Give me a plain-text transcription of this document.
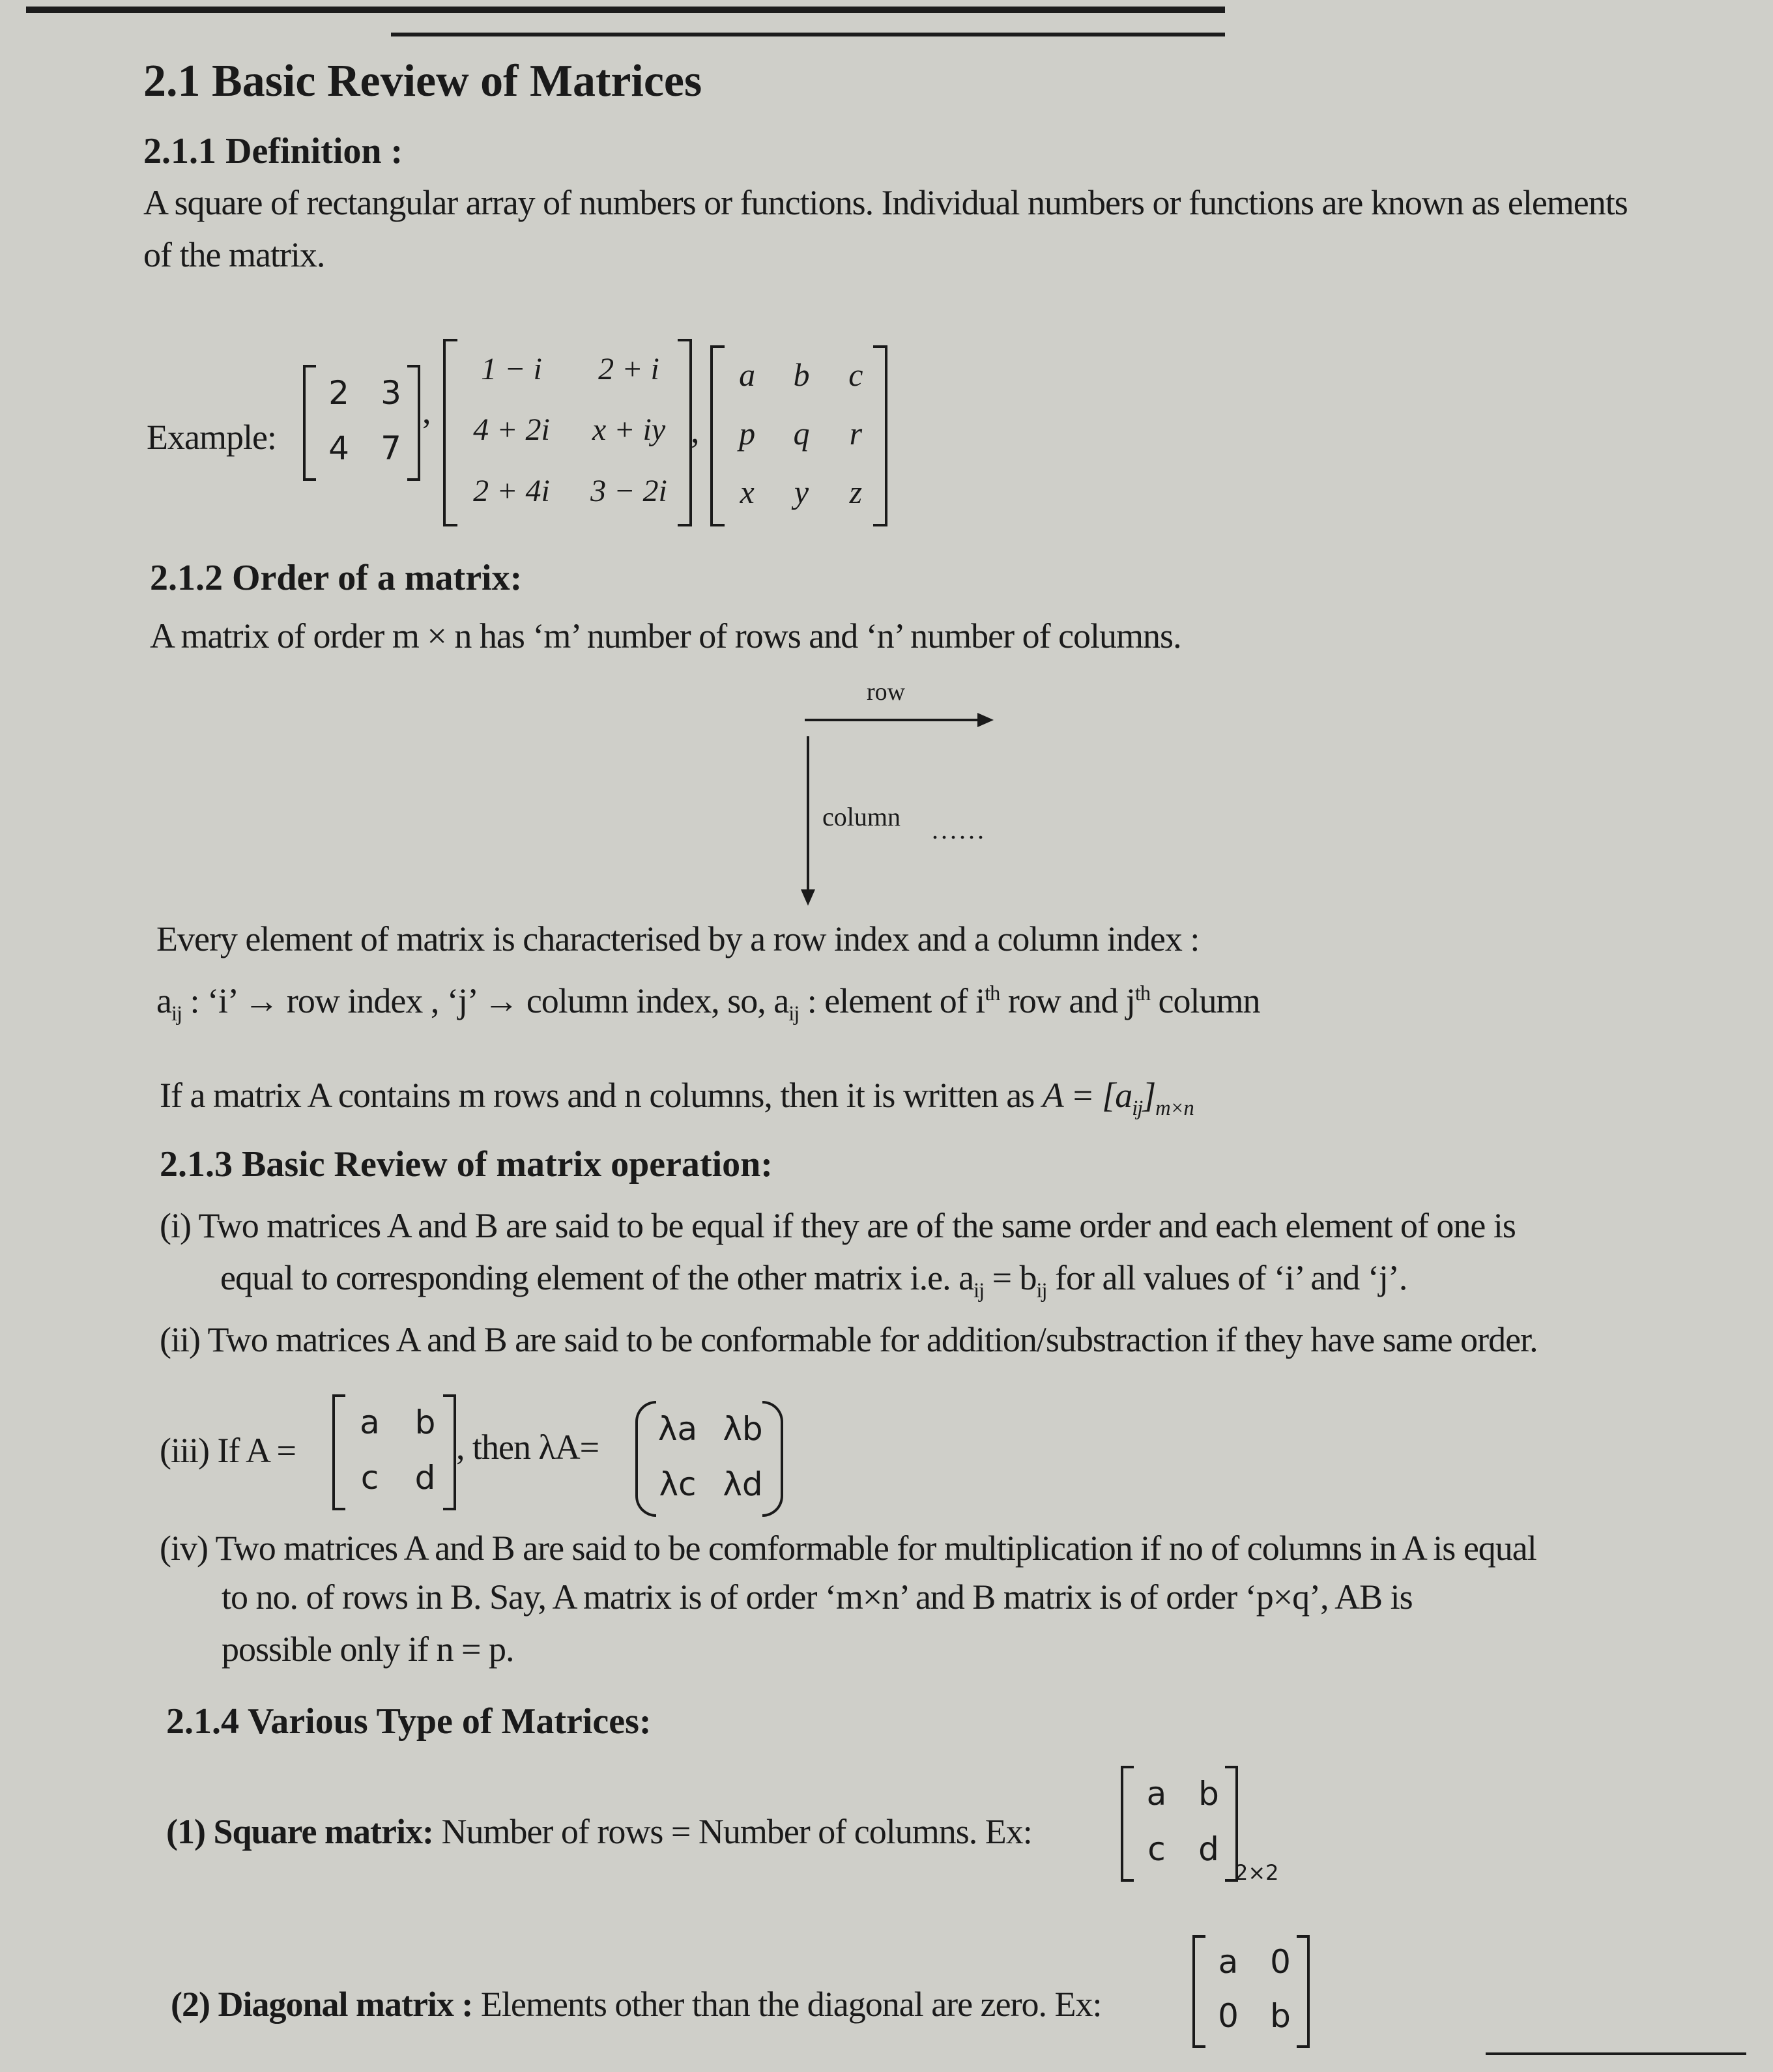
2.1 Basic Review of Matrices
2.1.1 Definition :
A square of rectangular array of numbers or functions. Individual numbers or functions are known as elements
of the matrix.
Example:
2 3
4 7
,
1 − i 2 + i
4 + 2i x + iy
2 + 4i 3 − 2i
,
a b c
p q r
x y z
2.1.2 Order of a matrix:
A matrix of order m × n has ‘m’ number of rows and ‘n’ number of columns.
row
column ......
Every element of matrix is characterised by a row index and a column index :
$a_{ij}$ : ‘i’ → row index , ‘j’ → column index, so, $a_{ij}$ : element of $i^{th}$ row and $j^{th}$ column
If a matrix A contains m rows and n columns, then it is written as $A = [a_{ij}]_{m\times n}$
2.1.3 Basic Review of matrix operation:
(i) Two matrices A and B are said to be equal if they are of the same order and each element of one is
equal to corresponding element of the other matrix i.e. $a_{ij} = b_{ij}$ for all values of ‘i’ and ‘j’.
(ii) Two matrices A and B are said to be conformable for addition/substraction if they have same order.
(iii) If A =
a b
c d
, then λA= λa λb
λc λd
(iv) Two matrices A and B are said to be comformable for multiplication if no of columns in A is equal
to no. of rows in B. Say, A matrix is of order ‘m×n’ and B matrix is of order ‘p×q’, AB is
possible only if n = p.
2.1.4 Various Type of Matrices:
(1) Square matrix: Number of rows = Number of columns. Ex:
a b
c d
2×2
(2) Diagonal matrix : Elements other than the diagonal are zero. Ex:
a 0
0 b
